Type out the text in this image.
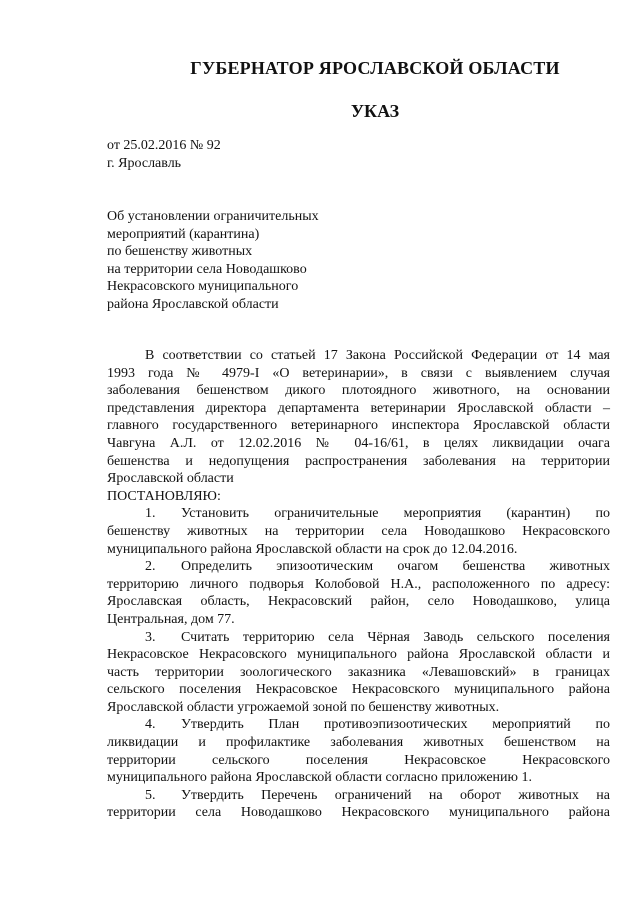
ГУБЕРНАТОР ЯРОСЛАВСКОЙ ОБЛАСТИ
УКАЗ
от 25.02.2016 № 92
г. Ярославль
Об установлении ограничительных
мероприятий (карантина)
по бешенству животных
на территории села Новодашково
Некрасовского муниципального
района Ярославской области
В соответствии со статьей 17 Закона Российской Федерации от 14 мая
1993 года № 4979-I «О ветеринарии», в связи с выявлением случая
заболевания бешенством дикого плотоядного животного, на основании
представления директора департамента ветеринарии Ярославской области –
главного государственного ветеринарного инспектора Ярославской области
Чавгуна А.Л. от 12.02.2016 № 04-16/61, в целях ликвидации очага
бешенства и недопущения распространения заболевания на территории
Ярославской области
ПОСТАНОВЛЯЮ:
1. Установить ограничительные мероприятия (карантин) по
бешенству животных на территории села Новодашково Некрасовского
муниципального района Ярославской области на срок до 12.04.2016.
2. Определить эпизоотическим очагом бешенства животных
территорию личного подворья Колобовой Н.А., расположенного по адресу:
Ярославская область, Некрасовский район, село Новодашково, улица
Центральная, дом 77.
3. Считать территорию села Чёрная Заводь сельского поселения
Некрасовское Некрасовского муниципального района Ярославской области и
часть территории зоологического заказника «Левашовский» в границах
сельского поселения Некрасовское Некрасовского муниципального района
Ярославской области угрожаемой зоной по бешенству животных.
4. Утвердить План противоэпизоотических мероприятий по
ликвидации и профилактике заболевания животных бешенством на
территории сельского поселения Некрасовское Некрасовского
муниципального района Ярославской области согласно приложению 1.
5. Утвердить Перечень ограничений на оборот животных на
территории села Новодашково Некрасовского муниципального района
